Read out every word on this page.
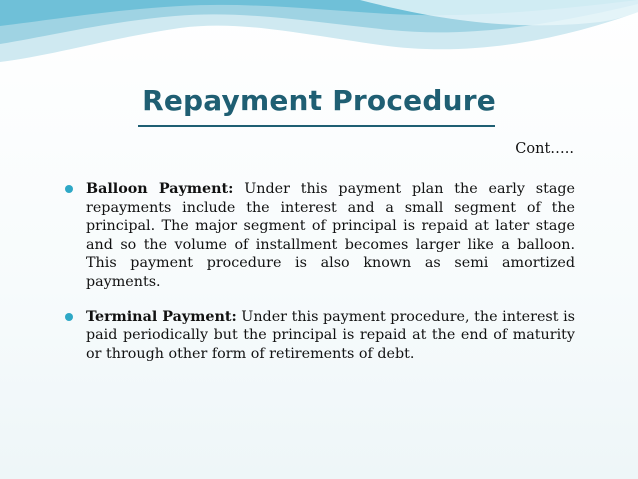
Repayment Procedure
Cont…..
Balloon Payment: Under this payment plan the early stage repayments include the interest and a small segment of the principal. The major segment of principal is repaid at later stage and so the volume of installment becomes larger like a balloon. This payment procedure is also known as semi amortized payments.
Terminal Payment: Under this payment procedure, the interest is paid periodically but the principal is repaid at the end of maturity or through other form of retirements of debt.
